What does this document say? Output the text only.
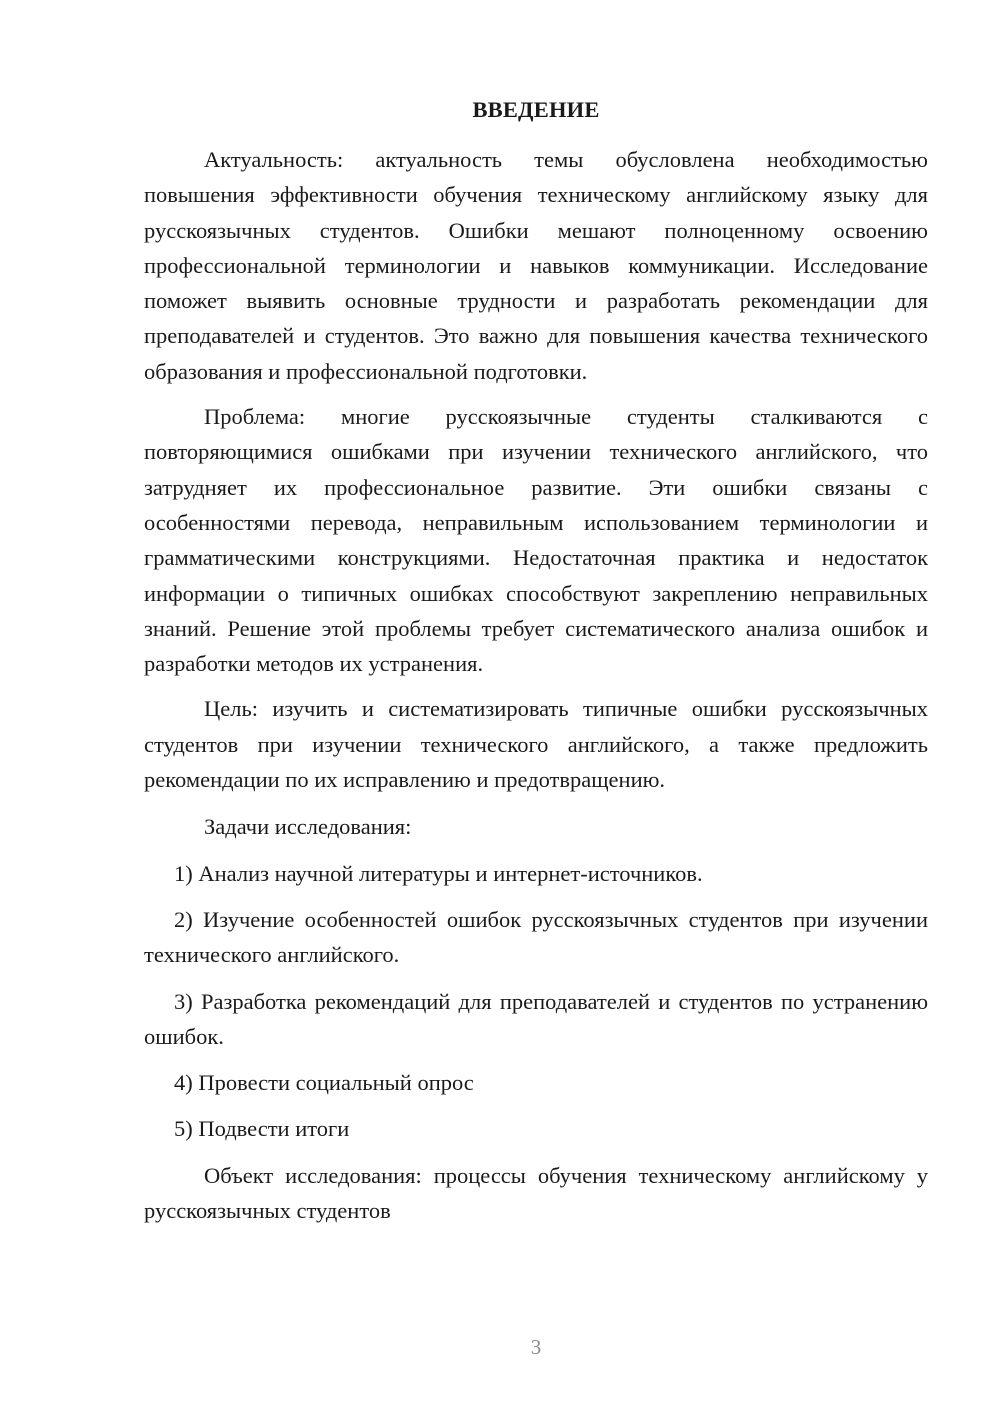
ВВЕДЕНИЕ

Актуальность: актуальность темы обусловлена необходимостью повышения эффективности обучения техническому английскому языку для русскоязычных студентов. Ошибки мешают полноценному освоению профессиональной терминологии и навыков коммуникации. Исследование поможет выявить основные трудности и разработать рекомендации для преподавателей и студентов. Это важно для повышения качества технического образования и профессиональной подготовки.

Проблема: многие русскоязычные студенты сталкиваются с повторяющимися ошибками при изучении технического английского, что затрудняет их профессиональное развитие. Эти ошибки связаны с особенностями перевода, неправильным использованием терминологии и грамматическими конструкциями. Недостаточная практика и недостаток информации о типичных ошибках способствуют закреплению неправильных знаний. Решение этой проблемы требует систематического анализа ошибок и разработки методов их устранения.

Цель: изучить и систематизировать типичные ошибки русскоязычных студентов при изучении технического английского, а также предложить рекомендации по их исправлению и предотвращению.

Задачи исследования:

1) Анализ научной литературы и интернет-источников.

2) Изучение особенностей ошибок русскоязычных студентов при изучении технического английского.

3) Разработка рекомендаций для преподавателей и студентов по устранению ошибок.

4) Провести социальный опрос

5) Подвести итоги

Объект исследования: процессы обучения техническому английскому у русскоязычных студентов

3
